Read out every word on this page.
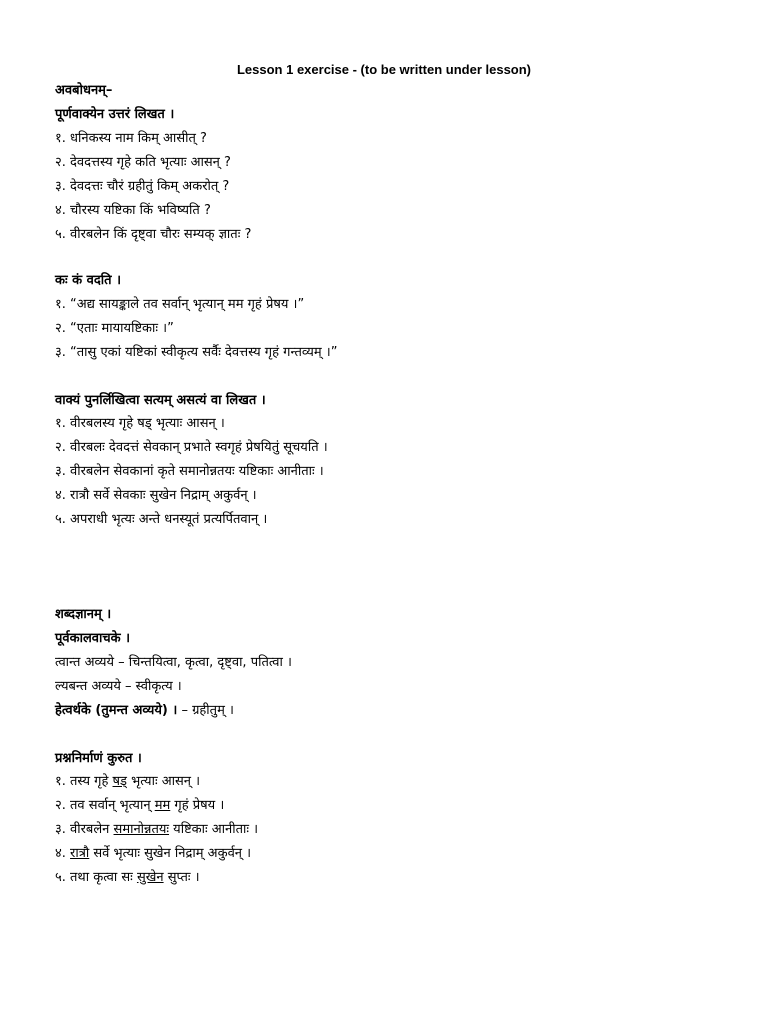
Lesson 1 exercise - (to be written under lesson)
अवबोधनम्–
पूर्णवाक्येन उत्तरं लिखत ।
१. धनिकस्य नाम किम् आसीत् ?
२. देवदत्तस्य गृहे कति भृत्याः आसन् ?
३. देवदत्तः चौरं ग्रहीतुं किम् अकरोत् ?
४. चौरस्य यष्टिका किं भविष्यति ?
५. वीरबलेन किं दृष्ट्वा चौरः सम्यक् ज्ञातः ?
कः कं वदति ।
१. “अद्य सायङ्काले तव सर्वान् भृत्यान् मम गृहं प्रेषय ।”
२. “एताः मायायष्टिकाः ।”
३. “तासु एकां यष्टिकां स्वीकृत्य सर्वैः देवत्तस्य गृहं गन्तव्यम् ।”
वाक्यं पुनर्लिखित्वा सत्यम् असत्यं वा लिखत ।
१. वीरबलस्य गृहे षड् भृत्याः आसन् ।
२. वीरबलः देवदत्तं सेवकान् प्रभाते स्वगृहं प्रेषयितुं सूचयति ।
३. वीरबलेन सेवकानां कृते समानोन्नतयः यष्टिकाः आनीताः ।
४. रात्रौ सर्वे सेवकाः सुखेन निद्राम् अकुर्वन् ।
५. अपराधी भृत्यः अन्ते धनस्यूतं प्रत्यर्पितवान् ।
शब्दज्ञानम् ।
पूर्वकालवाचके ।
त्वान्त अव्यये – चिन्तयित्वा, कृत्वा, दृष्ट्वा, पतित्वा ।
ल्यबन्त अव्यये – स्वीकृत्य ।
हेत्वर्थके (तुमन्त अव्यये) । – ग्रहीतुम् ।
प्रश्ननिर्माणं कुरुत ।
१. तस्य गृहे षड् भृत्याः आसन् ।
२. तव सर्वान् भृत्यान् मम गृहं प्रेषय ।
३. वीरबलेन समानोन्नतयः यष्टिकाः आनीताः ।
४. रात्रौ सर्वे भृत्याः सुखेन निद्राम् अकुर्वन् ।
५. तथा कृत्वा सः सुखेन सुप्तः ।
